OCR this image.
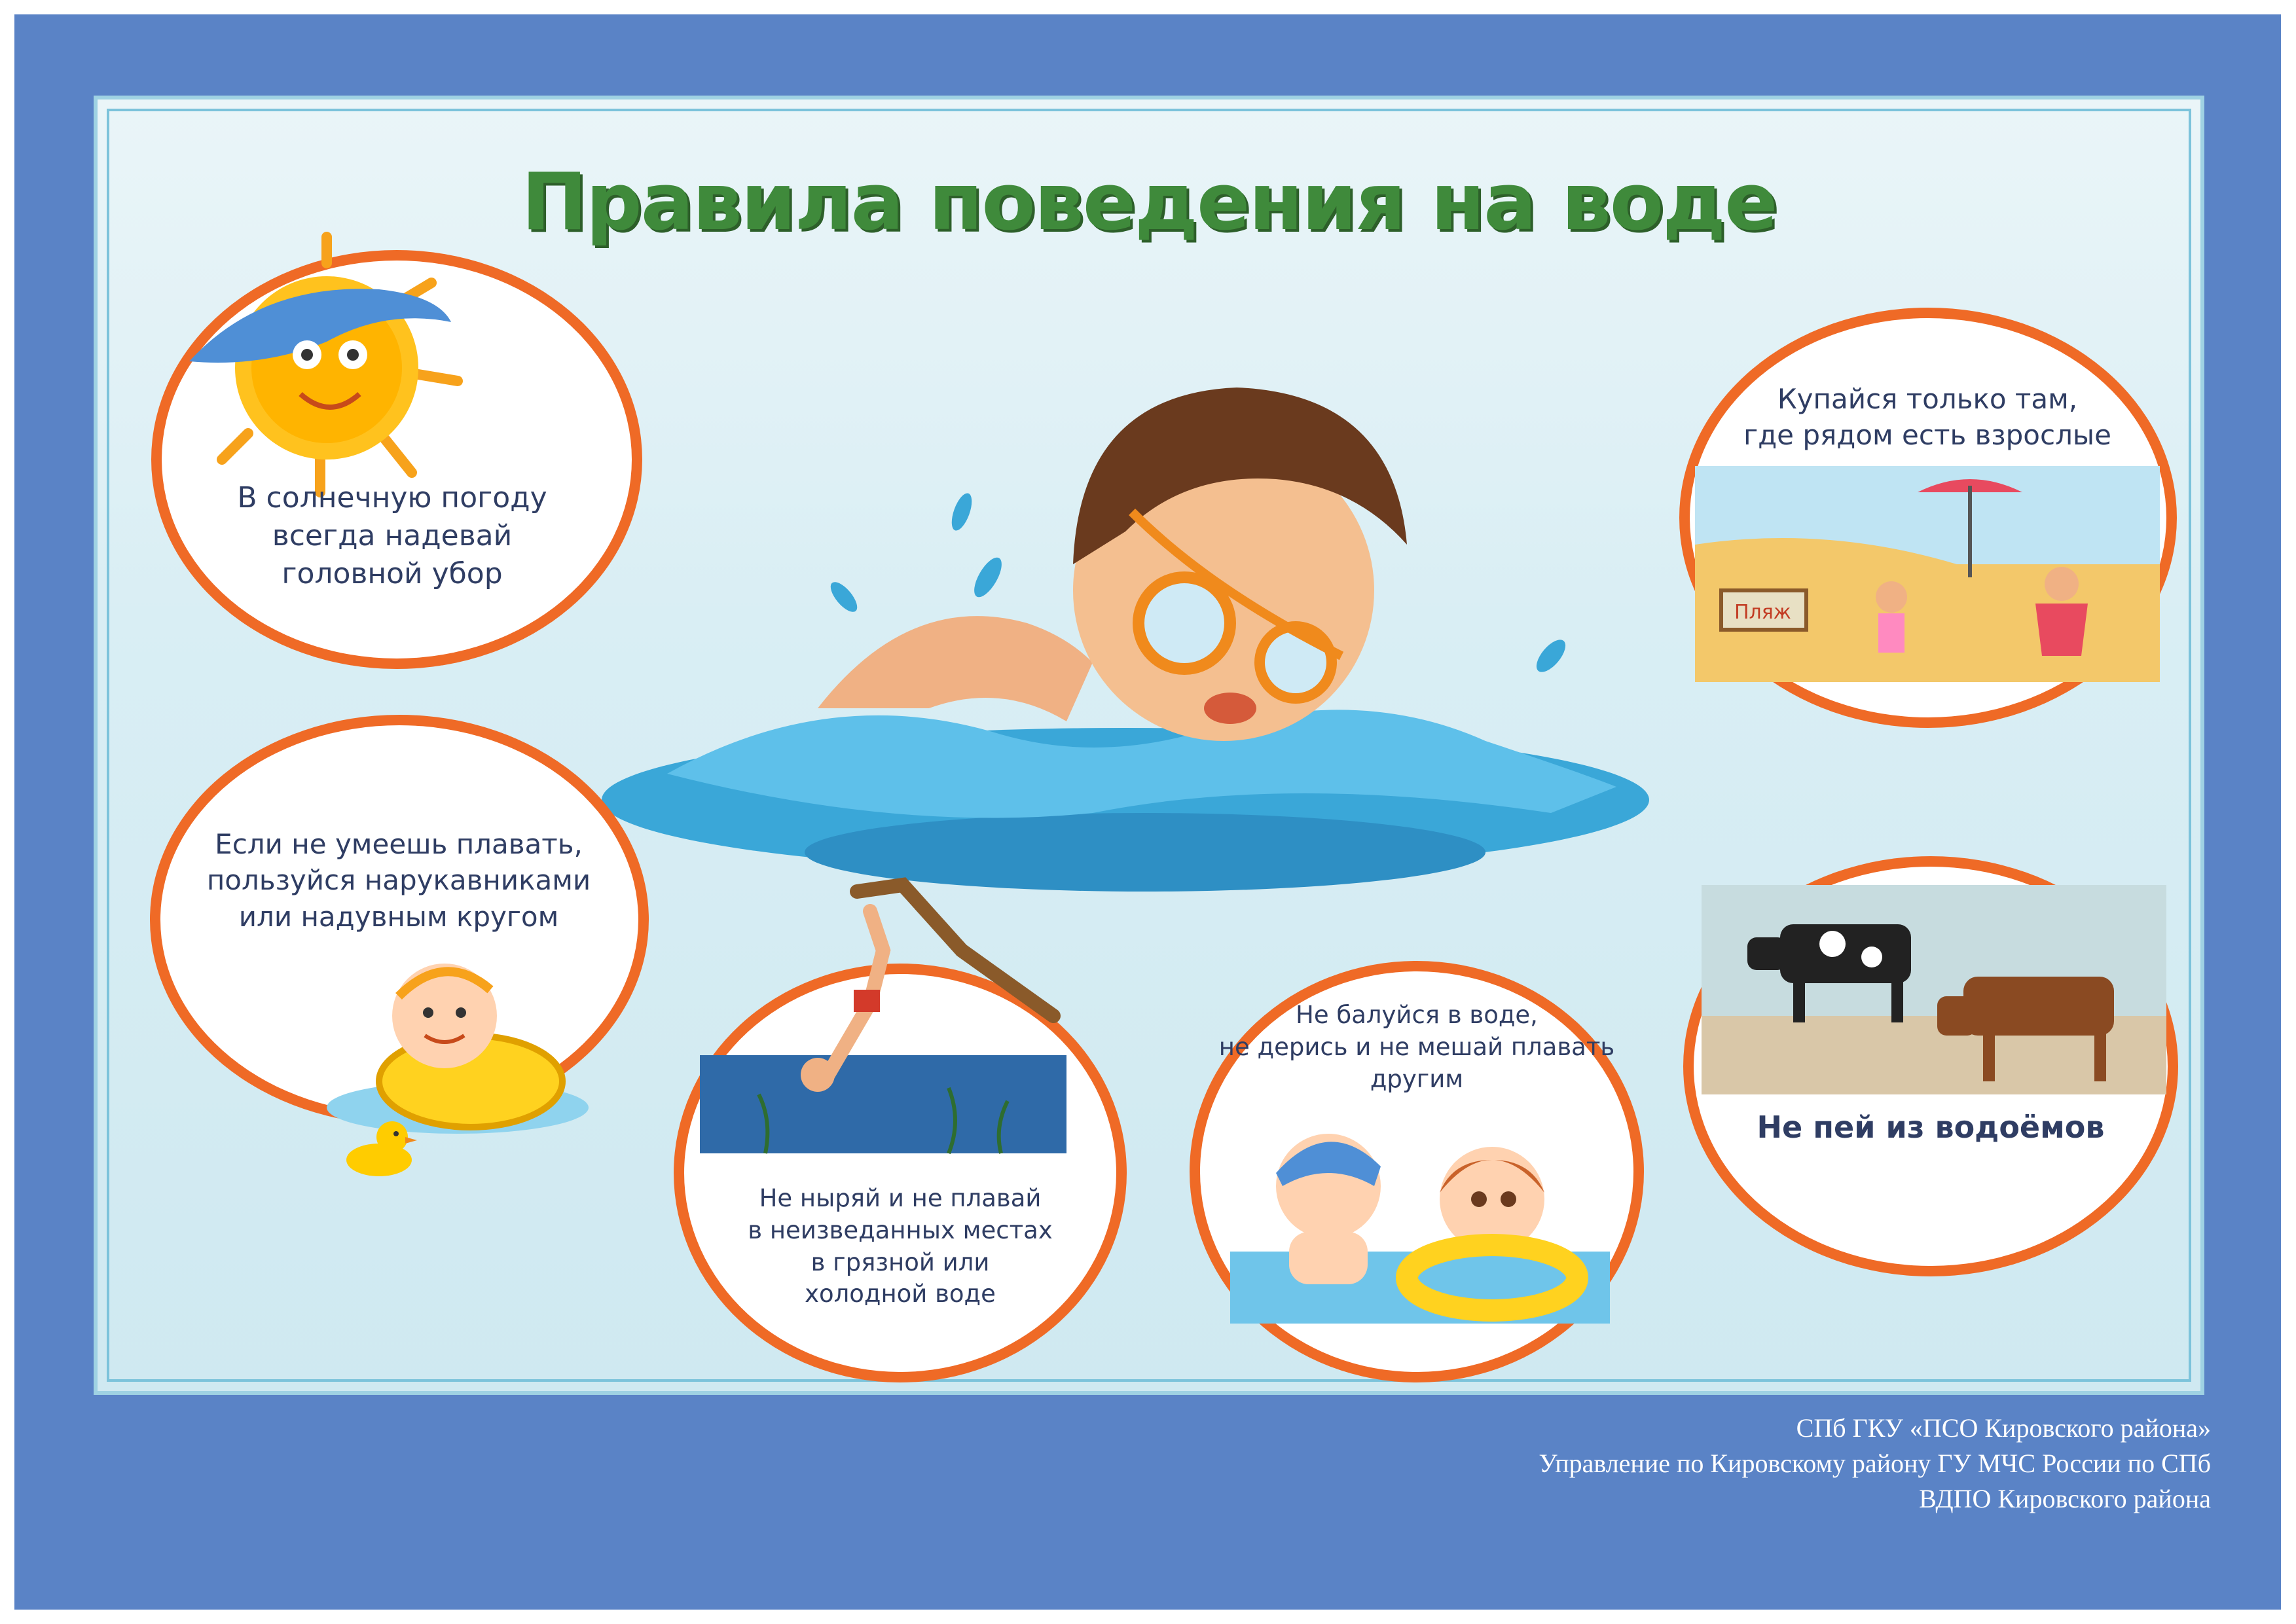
Правила поведения на воде
В солнечную погоду
всегда надевай
головной убор
Купайся только там,
где рядом есть взрослые
Пляж
Если не умеешь плавать,
пользуйся нарукавниками
или надувным кругом
Не ныряй и не плавай
в неизведанных местах
в грязной или
холодной воде
Не балуйся в воде,
не дерись и не мешай плавать
другим
Не пей из водоёмов
СПб ГКУ «ПСО Кировского района»
Управление по Кировскому району ГУ МЧС России по СПб
ВДПО Кировского района
